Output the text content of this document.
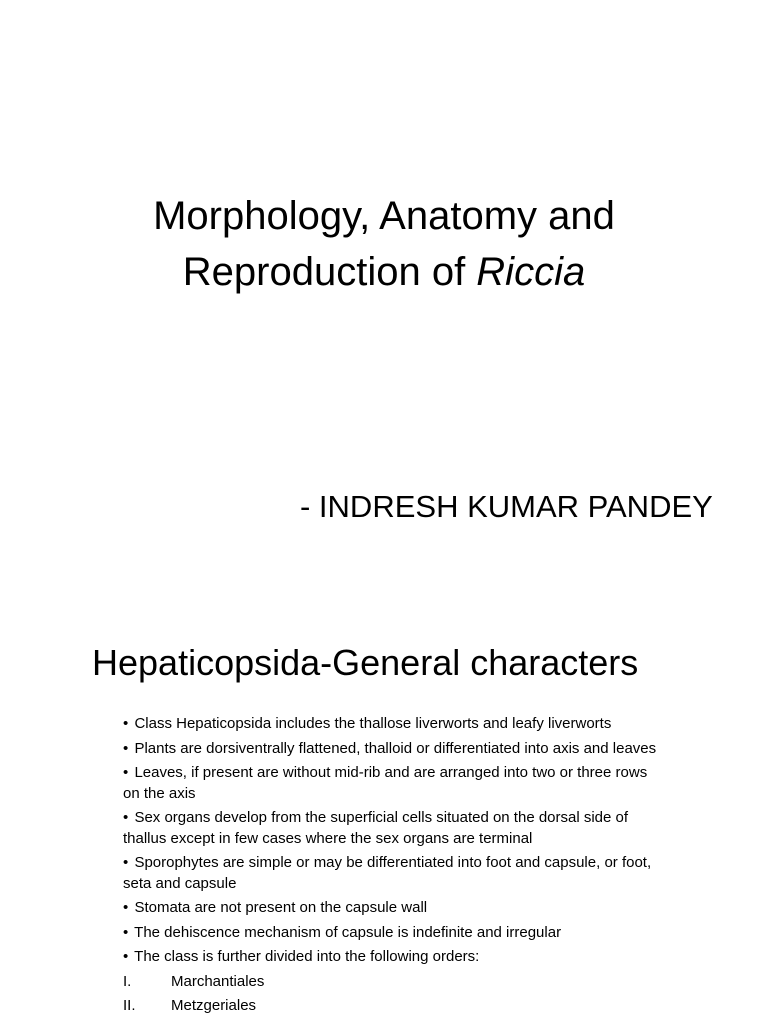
Morphology, Anatomy and
Reproduction of Riccia
- INDRESH KUMAR PANDEY
Hepaticopsida-General characters
• Class Hepaticopsida includes the thallose liverworts and leafy liverworts
• Plants are dorsiventrally flattened, thalloid or differentiated into axis and leaves
• Leaves, if present are without mid-rib and are arranged into two or three rows on the axis
• Sex organs develop from the superficial cells situated on the dorsal side of thallus except in few cases where the sex organs are terminal
• Sporophytes are simple or may be differentiated into foot and capsule, or foot, seta and capsule
• Stomata are not present on the capsule wall
• The dehiscence mechanism of capsule is indefinite and irregular
• The class is further divided into the following orders:
I.	Marchantiales
II.	Metzgeriales
